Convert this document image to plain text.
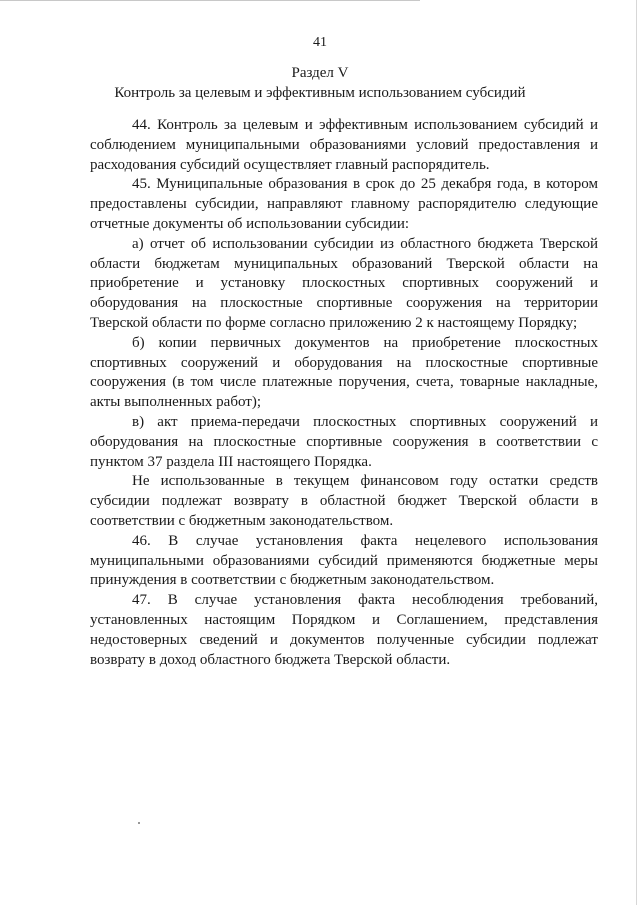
41
Раздел V
Контроль за целевым и эффективным использованием субсидий

44. Контроль за целевым и эффективным использованием субсидий и соблюдением муниципальными образованиями условий предоставления и расходования субсидий осуществляет главный распорядитель.

45. Муниципальные образования в срок до 25 декабря года, в котором предоставлены субсидии, направляют главному распорядителю следующие отчетные документы об использовании субсидии:

а) отчет об использовании субсидии из областного бюджета Тверской области бюджетам муниципальных образований Тверской области на приобретение и установку плоскостных спортивных сооружений и оборудования на плоскостные спортивные сооружения на территории Тверской области по форме согласно приложению 2 к настоящему Порядку;

б) копии первичных документов на приобретение плоскостных спортивных сооружений и оборудования на плоскостные спортивные сооружения (в том числе платежные поручения, счета, товарные накладные, акты выполненных работ);

в) акт приема-передачи плоскостных спортивных сооружений и оборудования на плоскостные спортивные сооружения в соответствии с пунктом 37 раздела III настоящего Порядка.

Не использованные в текущем финансовом году остатки средств субсидии подлежат возврату в областной бюджет Тверской области в соответствии с бюджетным законодательством.

46. В случае установления факта нецелевого использования муниципальными образованиями субсидий применяются бюджетные меры принуждения в соответствии с бюджетным законодательством.

47. В случае установления факта несоблюдения требований, установленных настоящим Порядком и Соглашением, представления недостоверных сведений и документов полученные субсидии подлежат возврату в доход областного бюджета Тверской области.
